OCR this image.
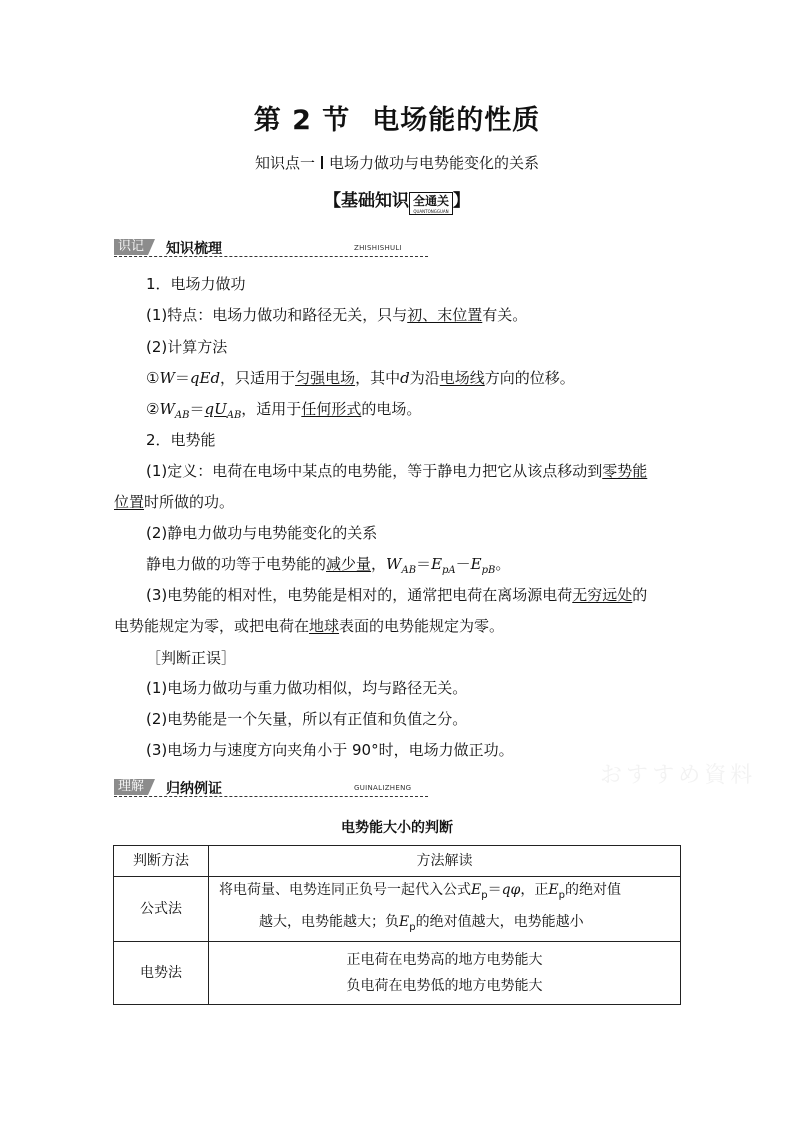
第 2 节 电场能的性质
知识点一 电场力做功与电势能变化的关系
【基础知识 全通关
QUANTONGGUAN
】
识记 知识梳理	ZHISHISHULI
1．电场力做功
(1)特点：电场力做功和路径无关，只与初、末位置有关。
(2)计算方法
①W＝qEd，只适用于匀强电场，其中d为沿电场线方向的位移。
$②W_{AB}=qU_{AB}$，适用于任何形式的电场。
2．电势能
(1)定义：电荷在电场中某点的电势能，等于静电力把它从该点移动到零势能
位置时所做的功。
(2)静电力做功与电势能变化的关系
静电力做的功等于电势能的减少量，$W_{AB}=E_{pA}-E_{pB}$。
(3)电势能的相对性，电势能是相对的，通常把电荷在离场源电荷无穷远处的
电势能规定为零，或把电荷在地球表面的电势能规定为零。
［判断正误］
(1)电场力做功与重力做功相似，均与路径无关。
(2)电势能是一个矢量，所以有正值和负值之分。
(3)电场力与速度方向夹角小于 90°时，电场力做正功。
おすすめ資料
理解 归纳例证	GUINALIZHENG
电势能大小的判断
判断方法	方法解读
公式法	将电荷量、电势连同正负号一起代入公式$E_p=q\varphi$，正$E_p$的绝对值
越大，电势能越大；负$E_p$的绝对值越大，电势能越小

电势法	正电荷在电势高的地方电势能大
负电荷在电势低的地方电势能大
